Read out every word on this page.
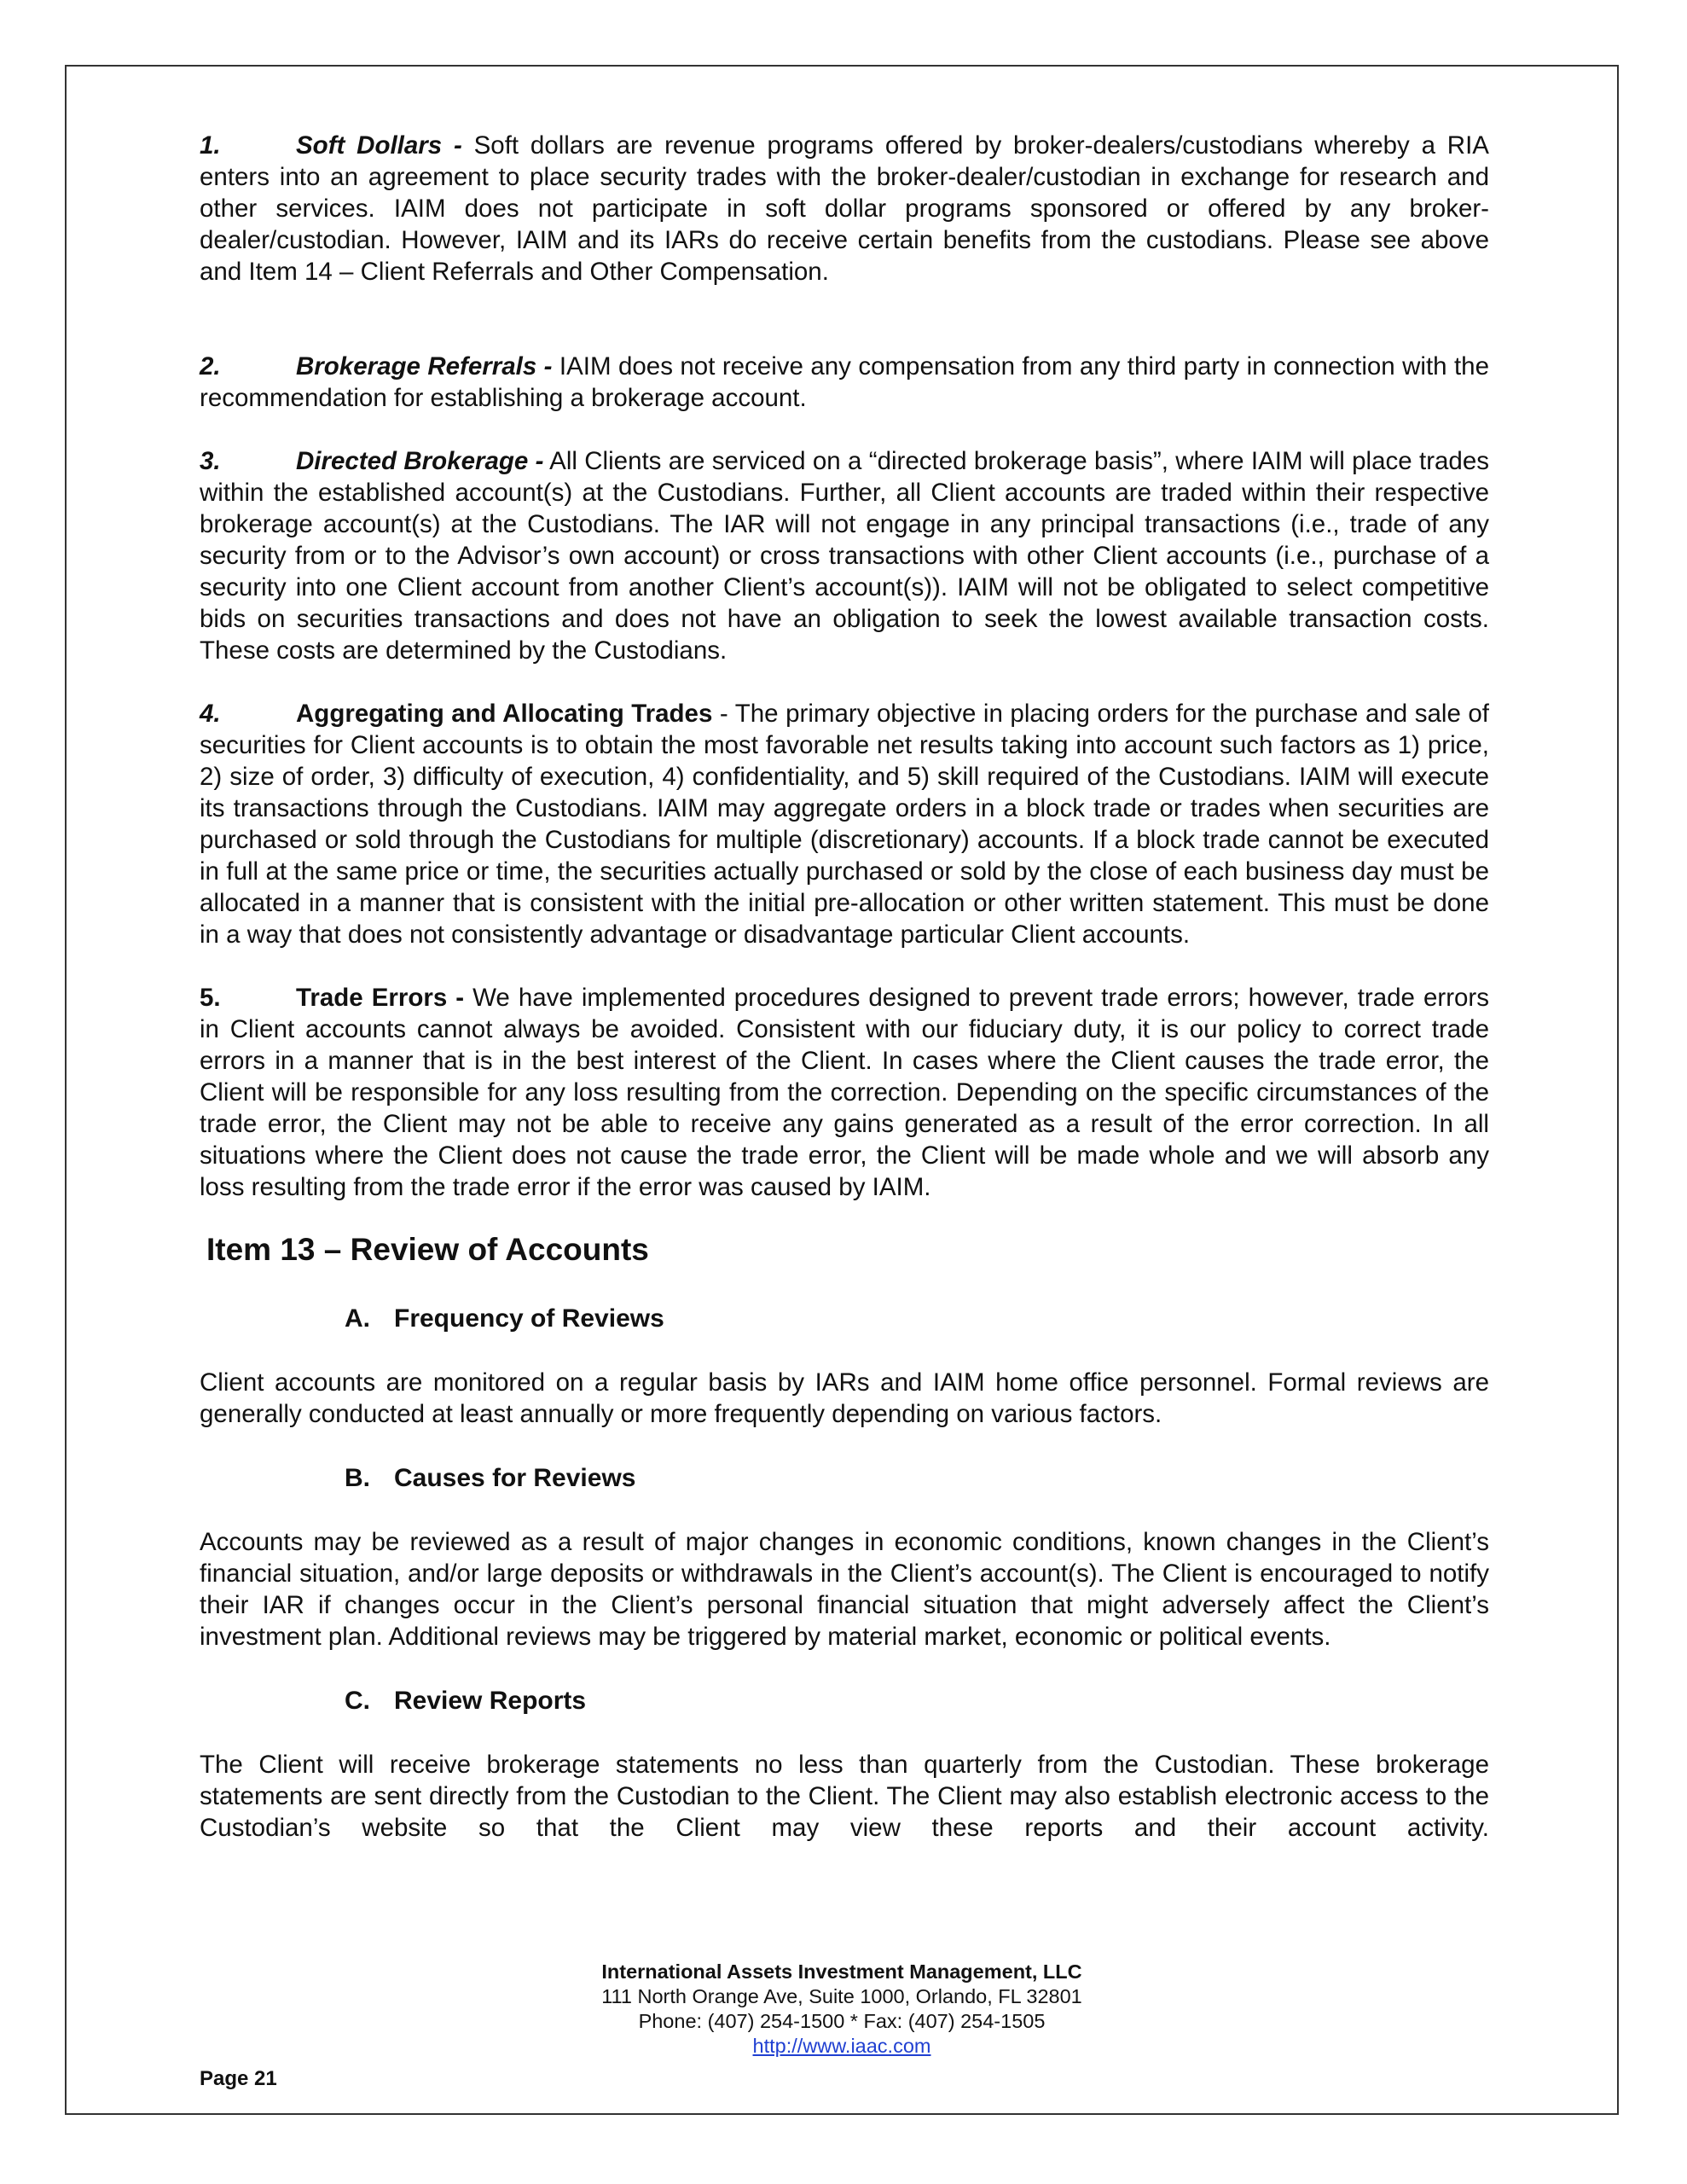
1.	Soft Dollars - Soft dollars are revenue programs offered by broker-dealers/custodians whereby a RIA enters into an agreement to place security trades with the broker-dealer/custodian in exchange for research and other services. IAIM does not participate in soft dollar programs sponsored or offered by any broker-dealer/custodian. However, IAIM and its IARs do receive certain benefits from the custodians. Please see above and Item 14 – Client Referrals and Other Compensation.

2.	Brokerage Referrals - IAIM does not receive any compensation from any third party in connection with the recommendation for establishing a brokerage account.

3.	Directed Brokerage - All Clients are serviced on a “directed brokerage basis”, where IAIM will place trades within the established account(s) at the Custodians. Further, all Client accounts are traded within their respective brokerage account(s) at the Custodians. The IAR will not engage in any principal transactions (i.e., trade of any security from or to the Advisor’s own account) or cross transactions with other Client accounts (i.e., purchase of a security into one Client account from another Client’s account(s)). IAIM will not be obligated to select competitive bids on securities transactions and does not have an obligation to seek the lowest available transaction costs. These costs are determined by the Custodians.

4.	Aggregating and Allocating Trades - The primary objective in placing orders for the purchase and sale of securities for Client accounts is to obtain the most favorable net results taking into account such factors as 1) price, 2) size of order, 3) difficulty of execution, 4) confidentiality, and 5) skill required of the Custodians. IAIM will execute its transactions through the Custodians. IAIM may aggregate orders in a block trade or trades when securities are purchased or sold through the Custodians for multiple (discretionary) accounts. If a block trade cannot be executed in full at the same price or time, the securities actually purchased or sold by the close of each business day must be allocated in a manner that is consistent with the initial pre-allocation or other written statement. This must be done in a way that does not consistently advantage or disadvantage particular Client accounts.

5.	Trade Errors - We have implemented procedures designed to prevent trade errors; however, trade errors in Client accounts cannot always be avoided. Consistent with our fiduciary duty, it is our policy to correct trade errors in a manner that is in the best interest of the Client. In cases where the Client causes the trade error, the Client will be responsible for any loss resulting from the correction. Depending on the specific circumstances of the trade error, the Client may not be able to receive any gains generated as a result of the error correction. In all situations where the Client does not cause the trade error, the Client will be made whole and we will absorb any loss resulting from the trade error if the error was caused by IAIM.

Item 13 – Review of Accounts
A. Frequency of Reviews

Client accounts are monitored on a regular basis by IARs and IAIM home office personnel. Formal reviews are generally conducted at least annually or more frequently depending on various factors.

B. Causes for Reviews

Accounts may be reviewed as a result of major changes in economic conditions, known changes in the Client’s financial situation, and/or large deposits or withdrawals in the Client’s account(s). The Client is encouraged to notify their IAR if changes occur in the Client’s personal financial situation that might adversely affect the Client’s investment plan. Additional reviews may be triggered by material market, economic or political events.

C. Review Reports

The Client will receive brokerage statements no less than quarterly from the Custodian. These brokerage statements are sent directly from the Custodian to the Client. The Client may also establish electronic access to the Custodian’s website so that the Client may view these reports and their account activity.

International Assets Investment Management, LLC
111 North Orange Ave, Suite 1000, Orlando, FL 32801
Phone: (407) 254-1500 * Fax: (407) 254-1505
http://www.iaac.com
Page 21
